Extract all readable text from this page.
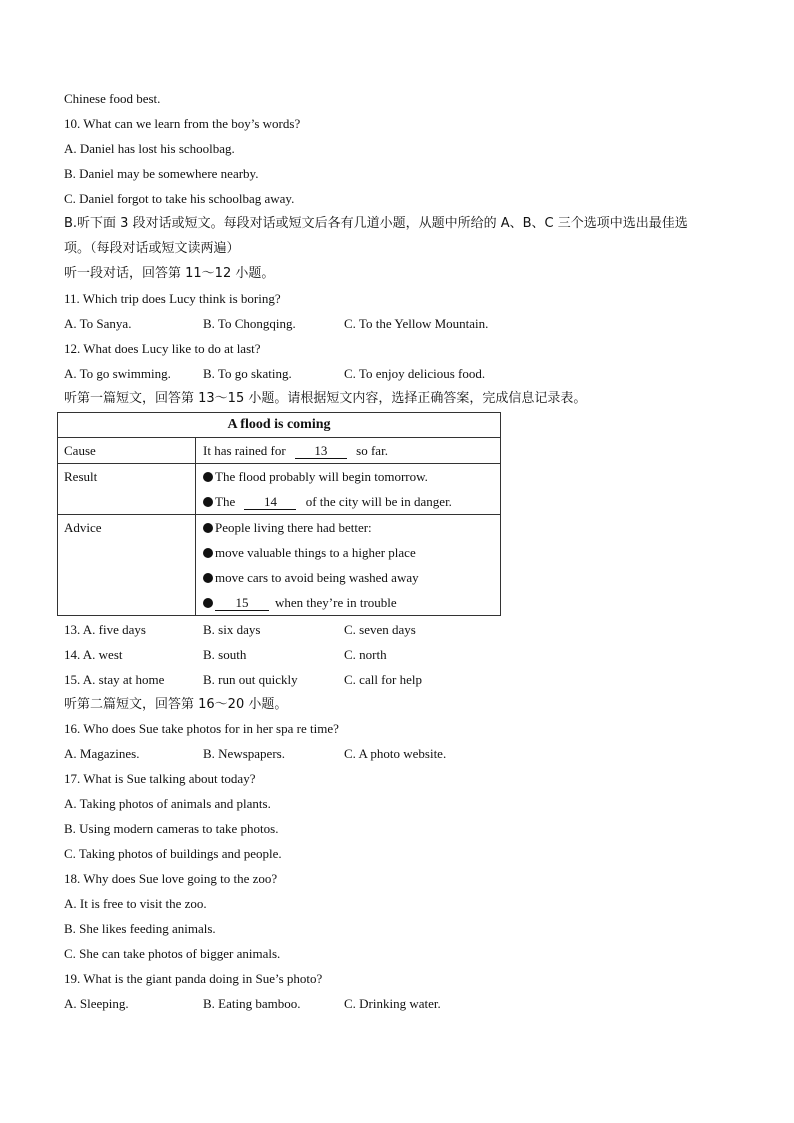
Chinese food best.
10. What can we learn from the boy’s words?
A. Daniel has lost his schoolbag.
B. Daniel may be somewhere nearby.
C. Daniel forgot to take his schoolbag away.
B.听下面 3 段对话或短文。每段对话或短文后各有几道小题，从题中所给的 A、B、C 三个选项中选出最佳选
项。（每段对话或短文读两遍）
听一段对话，回答第 11～12 小题。
11. Which trip does Lucy think is boring?
A. To Sanya.	B. To Chongqing.	C. To the Yellow Mountain.
12. What does Lucy like to do at last?
A. To go swimming. B. To go skating.	C. To enjoy delicious food.
听第一篇短文，回答第 13～15 小题。请根据短文内容，选择正确答案，完成信息记录表。
A flood is coming	
Cause	It has rained for 13 so far.

Result	The flood probably will begin tomorrow.
The 14 of the city will be in danger.

Advice	People living there had better:
move valuable things to a higher place
move cars to avoid being washed away
15 when they’re in trouble
13. A. five days	B. six days	C. seven days
14. A. west	B. south	C. north
15. A. stay at home	B. run out quickly	C. call for help
听第二篇短文，回答第 16～20 小题。
16. Who does Sue take photos for in her spa re time?
A. Magazines.	B. Newspapers.	C. A photo website.
17. What is Sue talking about today?
A. Taking photos of animals and plants.
B. Using modern cameras to take photos.
C. Taking photos of buildings and people.
18. Why does Sue love going to the zoo?
A. It is free to visit the zoo.
B. She likes feeding animals.
C. She can take photos of bigger animals.
19. What is the giant panda doing in Sue’s photo?
A. Sleeping.	B. Eating bamboo.	C. Drinking water.
